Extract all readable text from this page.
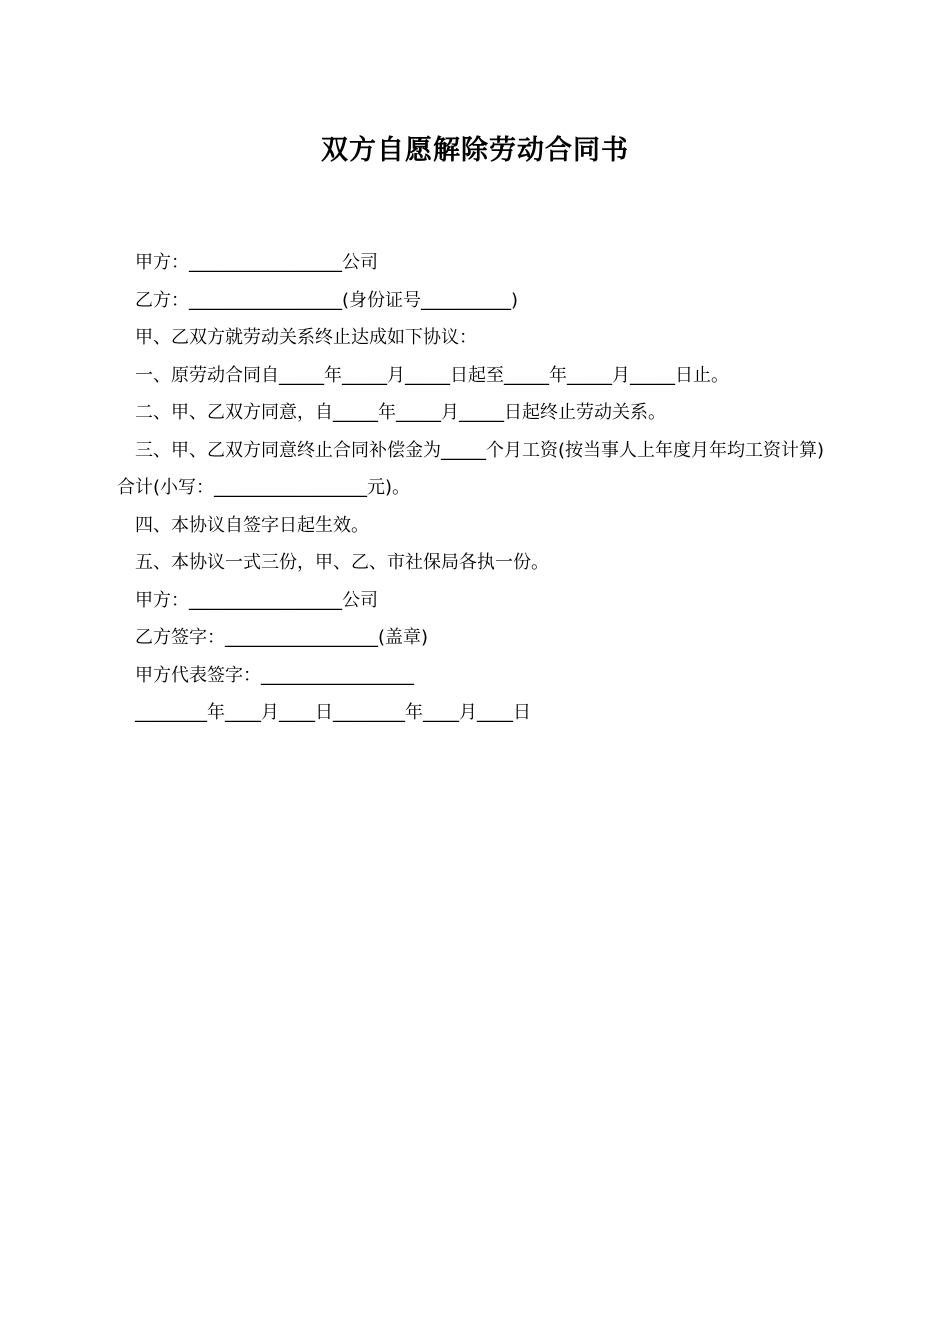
双方自愿解除劳动合同书
甲方：_________________公司
乙方：_________________(身份证号__________)
甲、乙双方就劳动关系终止达成如下协议：
一、原劳动合同自_____年_____月_____日起至_____年_____月_____日止。
二、甲、乙双方同意，自_____年_____月_____日起终止劳动关系。
三、甲、乙双方同意终止合同补偿金为_____个月工资(按当事人上年度月年均工资计算)合计(小写：_________________元)。
四、本协议自签字日起生效。
五、本协议一式三份，甲、乙、市社保局各执一份。
甲方：_________________公司
乙方签字：_________________(盖章)
甲方代表签字：_________________
________年____月____日________年____月____日
